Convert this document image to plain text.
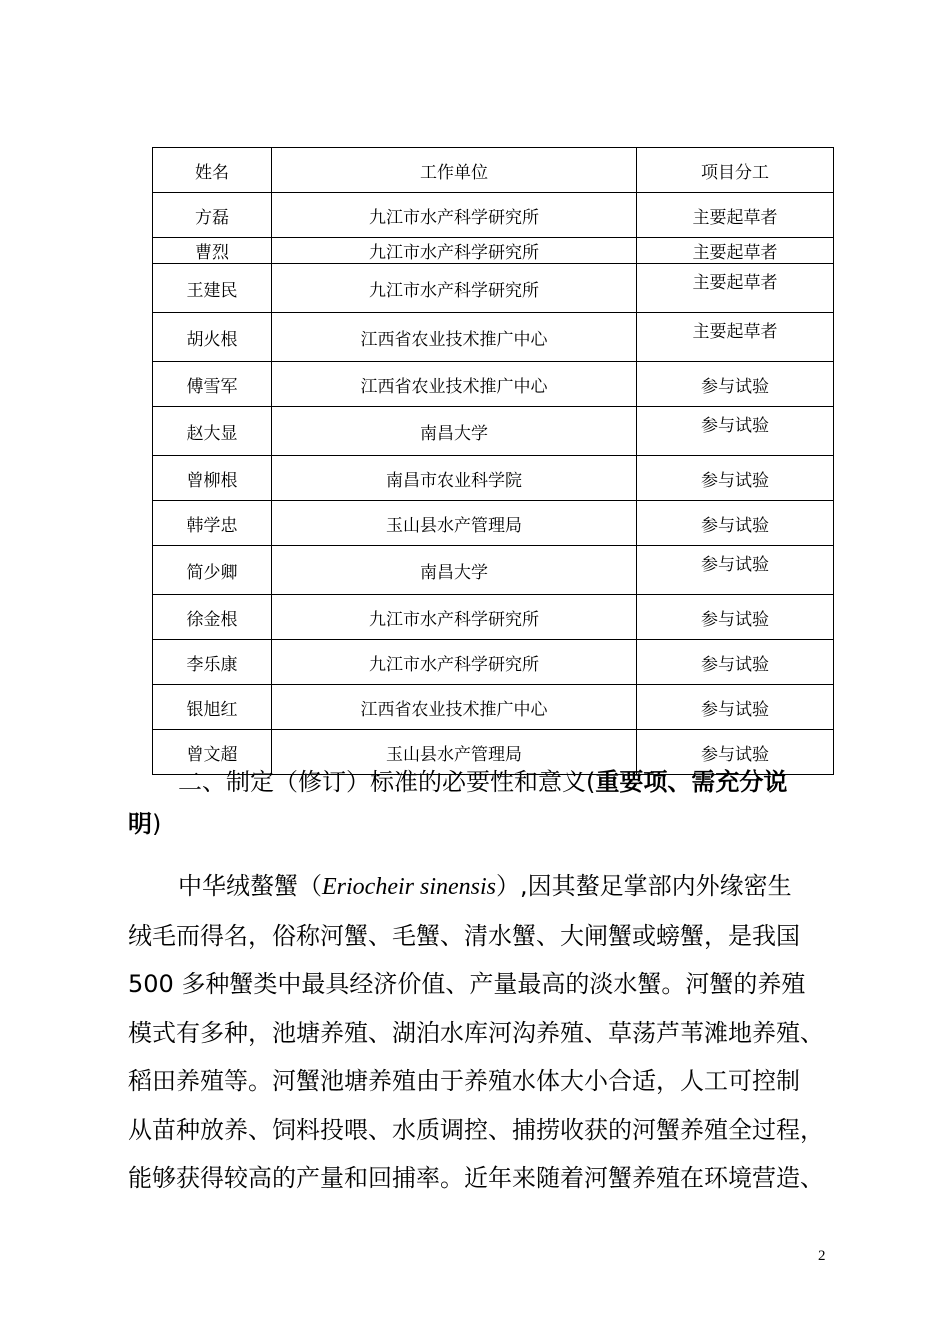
姓名	工作单位	项目分工
方磊	九江市水产科学研究所	主要起草者
曹烈	九江市水产科学研究所	主要起草者
王建民	九江市水产科学研究所	主要起草者
胡火根	江西省农业技术推广中心	主要起草者
傅雪军	江西省农业技术推广中心	参与试验
赵大显	南昌大学	参与试验
曾柳根	南昌市农业科学院	参与试验
韩学忠	玉山县水产管理局	参与试验
简少卿	南昌大学	参与试验
徐金根	九江市水产科学研究所	参与试验
李乐康	九江市水产科学研究所	参与试验
银旭红	江西省农业技术推广中心	参与试验
曾文超	玉山县水产管理局	参与试验
二、制定（修订）标准的必要性和意义(重要项、需充分说
明)
中华绒螯蟹（Eriocheir sinensis）,因其螯足掌部内外缘密生
绒毛而得名，俗称河蟹、毛蟹、清水蟹、大闸蟹或螃蟹，是我国
500 多种蟹类中最具经济价值、产量最高的淡水蟹。河蟹的养殖
模式有多种，池塘养殖、湖泊水库河沟养殖、草荡芦苇滩地养殖、
稻田养殖等。河蟹池塘养殖由于养殖水体大小合适，人工可控制
从苗种放养、饲料投喂、水质调控、捕捞收获的河蟹养殖全过程，
能够获得较高的产量和回捕率。近年来随着河蟹养殖在环境营造、
2
